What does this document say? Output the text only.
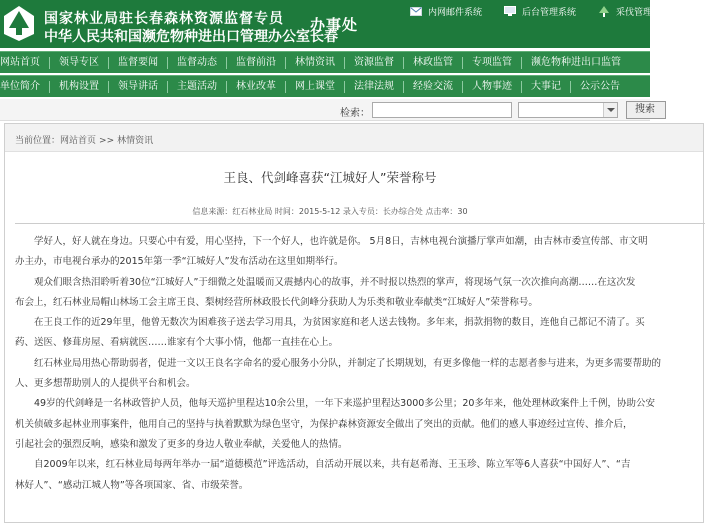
国家林业局驻长春森林资源监督专员
中华人民共和国濒危物种进出口管理办公室长春
办事处
内网邮件系统	后台管理系统	采伐管理系统
网站首页	领导专区	监督要闻	监督动态	监督前沿	林情资讯	资源监督	林政监管	专项监管	濒危物种进出口监管
单位简介	机构设置	领导讲话	主题活动	林业改革	网上课堂	法律法规	经验交流	人物事迹	大事记	公示公告
检索：	搜索
当前位置：网站首页 >> 林情资讯
王良、代剑峰喜获“江城好人”荣誉称号
信息来源：红石林业局 时间：2015-5-12 录入专员：长办综合处 点击率：30

　　学好人，好人就在身边。只要心中有爱，用心坚持，下一个好人，也许就是你。 5月8日，吉林电视台演播厅掌声如潮，由吉林市委宣传部、市文明
办主办，市电视台承办的2015年第一季“江城好人”发布活动在这里如期举行。

　　观众们眼含热泪聆听着30位“江城好人”于细微之处温暖而又震撼内心的故事，并不时报以热烈的掌声，将现场气氛一次次推向高潮……在这次发
布会上，红石林业局帽山林场工会主席王良、梨树经营所林政股长代剑峰分获助人为乐类和敬业奉献类“江城好人”荣誉称号。

　　在王良工作的近29年里，他曾无数次为困难孩子送去学习用具，为贫困家庭和老人送去钱物。多年来，捐款捐物的数目，连他自己都记不清了。买
药、送医、修葺房屋、看病就医……谁家有个大事小情，他都一直挂在心上。

　　红石林业局用热心帮助弱者，促进一文以王良名字命名的爱心服务小分队，并制定了长期规划，有更多像他一样的志愿者参与进来，为更多需要帮助的
人、更多想帮助别人的人提供平台和机会。

　　49岁的代剑峰是一名林政管护人员，他每天巡护里程达10余公里，一年下来巡护里程达3000多公里；20多年来，他处理林政案件上千例，协助公安
机关侦破多起林业刑事案件，他用自己的坚持与执着默默为绿色坚守，为保护森林资源安全做出了突出的贡献。他们的感人事迹经过宣传、推介后，
引起社会的强烈反响，感染和激发了更多的身边人敬业奉献，关爱他人的热情。

　　自2009年以来，红石林业局每两年举办一届“道德模范”评选活动，自活动开展以来，共有赵希海、王玉珍、陈立军等6人喜获“中国好人”、“吉
林好人”、“感动江城人物”等各项国家、省、市级荣誉。
